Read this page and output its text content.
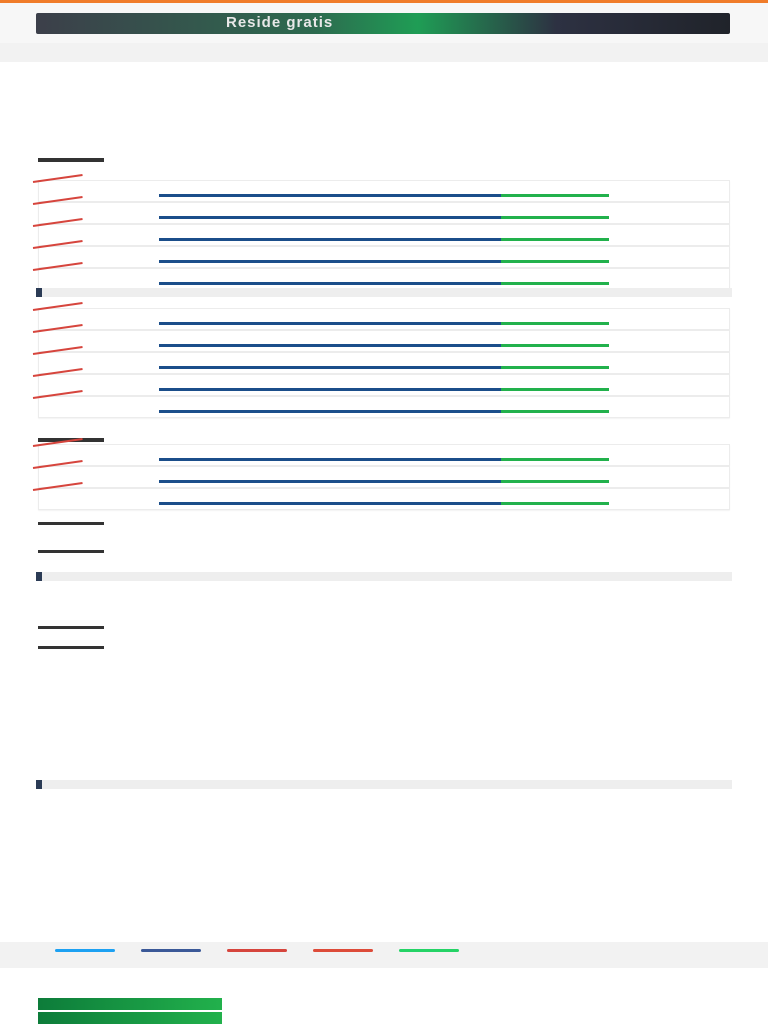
Reside gratis
